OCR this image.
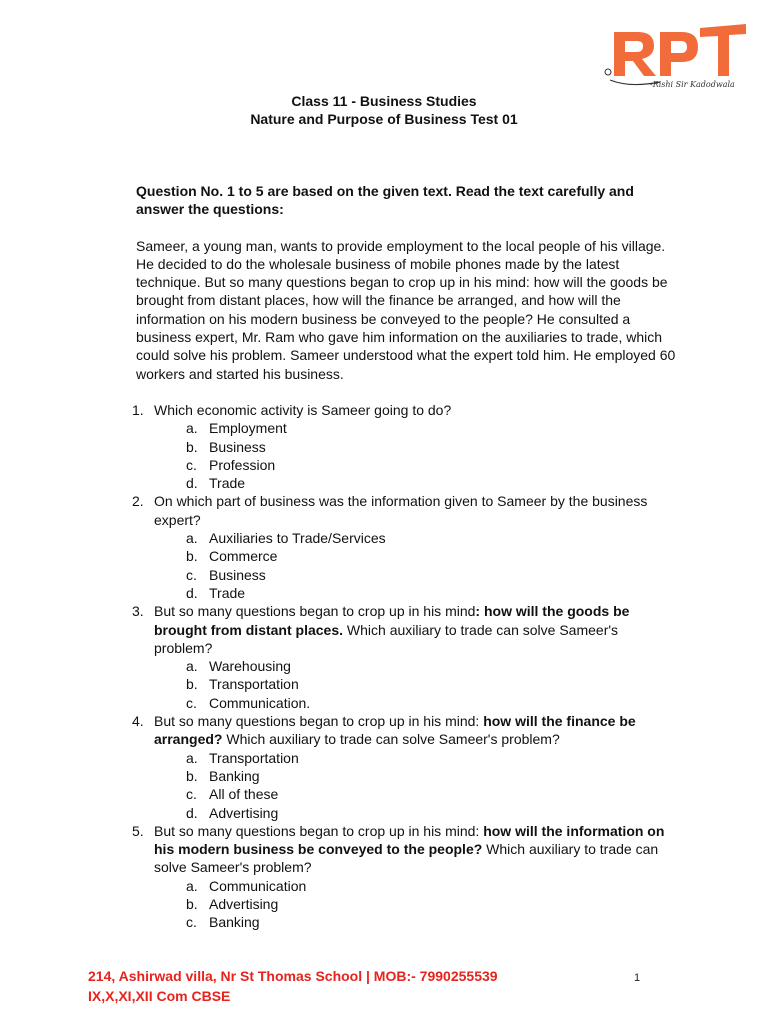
-Rishi Sir Kadodwala
Class 11 - Business Studies
Nature and Purpose of Business Test 01

Question No. 1 to 5 are based on the given text. Read the text carefully and answer the questions:

Sameer, a young man, wants to provide employment to the local people of his village. He decided to do the wholesale business of mobile phones made by the latest technique. But so many questions began to crop up in his mind: how will the goods be brought from distant places, how will the finance be arranged, and how will the information on his modern business be conveyed to the people? He consulted a business expert, Mr. Ram who gave him information on the auxiliaries to trade, which could solve his problem. Sameer understood what the expert told him. He employed 60 workers and started his business.

1. Which economic activity is Sameer going to do?
a. Employment
b. Business
c. Profession
d. Trade
2. On which part of business was the information given to Sameer by the business expert?
a. Auxiliaries to Trade/Services
b. Commerce
c. Business
d. Trade
3. But so many questions began to crop up in his mind: how will the goods be brought from distant places. Which auxiliary to trade can solve Sameer's problem?
a. Warehousing
b. Transportation
c. Communication.
4. But so many questions began to crop up in his mind: how will the finance be arranged? Which auxiliary to trade can solve Sameer's problem?
a. Transportation
b. Banking
c. All of these
d. Advertising
5. But so many questions began to crop up in his mind: how will the information on his modern business be conveyed to the people? Which auxiliary to trade can solve Sameer's problem?
a. Communication
b. Advertising
c. Banking
214, Ashirwad villa, Nr St Thomas School | MOB:- 7990255539
IX,X,XI,XII Com CBSE
1
